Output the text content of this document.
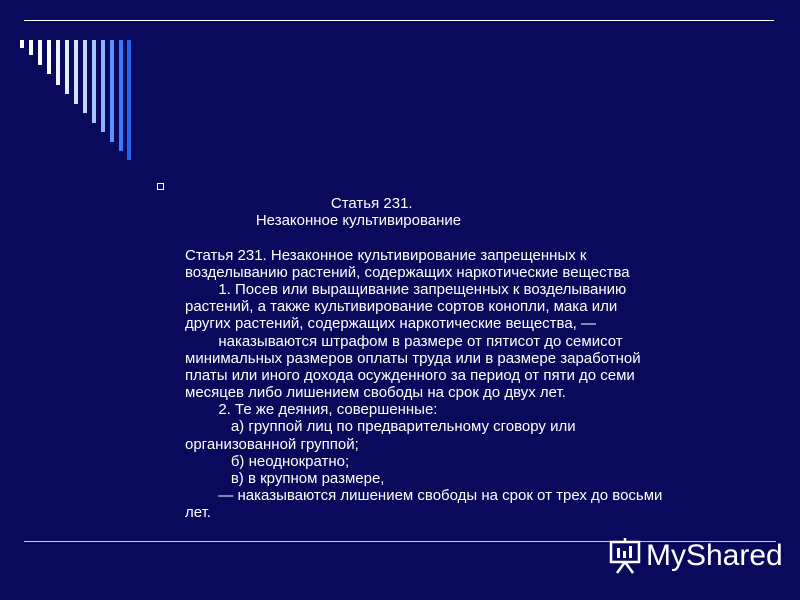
Статья 231.
Незаконное культивирование
Статья 231. Незаконное культивирование запрещенных к
возделыванию растений, содержащих наркотические вещества
1. Посев или выращивание запрещенных к возделыванию
растений, а также культивирование сортов конопли, мака или
других растений, содержащих наркотические вещества, —
наказываются штрафом в размере от пятисот до семисот
минимальных размеров оплаты труда или в размере заработной
платы или иного дохода осужденного за период от пяти до семи
месяцев либо лишением свободы на срок до двух лет.
2. Те же деяния, совершенные:
а) группой лиц по предварительному сговору или
организованной группой;
б) неоднократно;
в) в крупном размере,
— наказываются лишением свободы на срок от трех до восьми
лет.
MyShared
